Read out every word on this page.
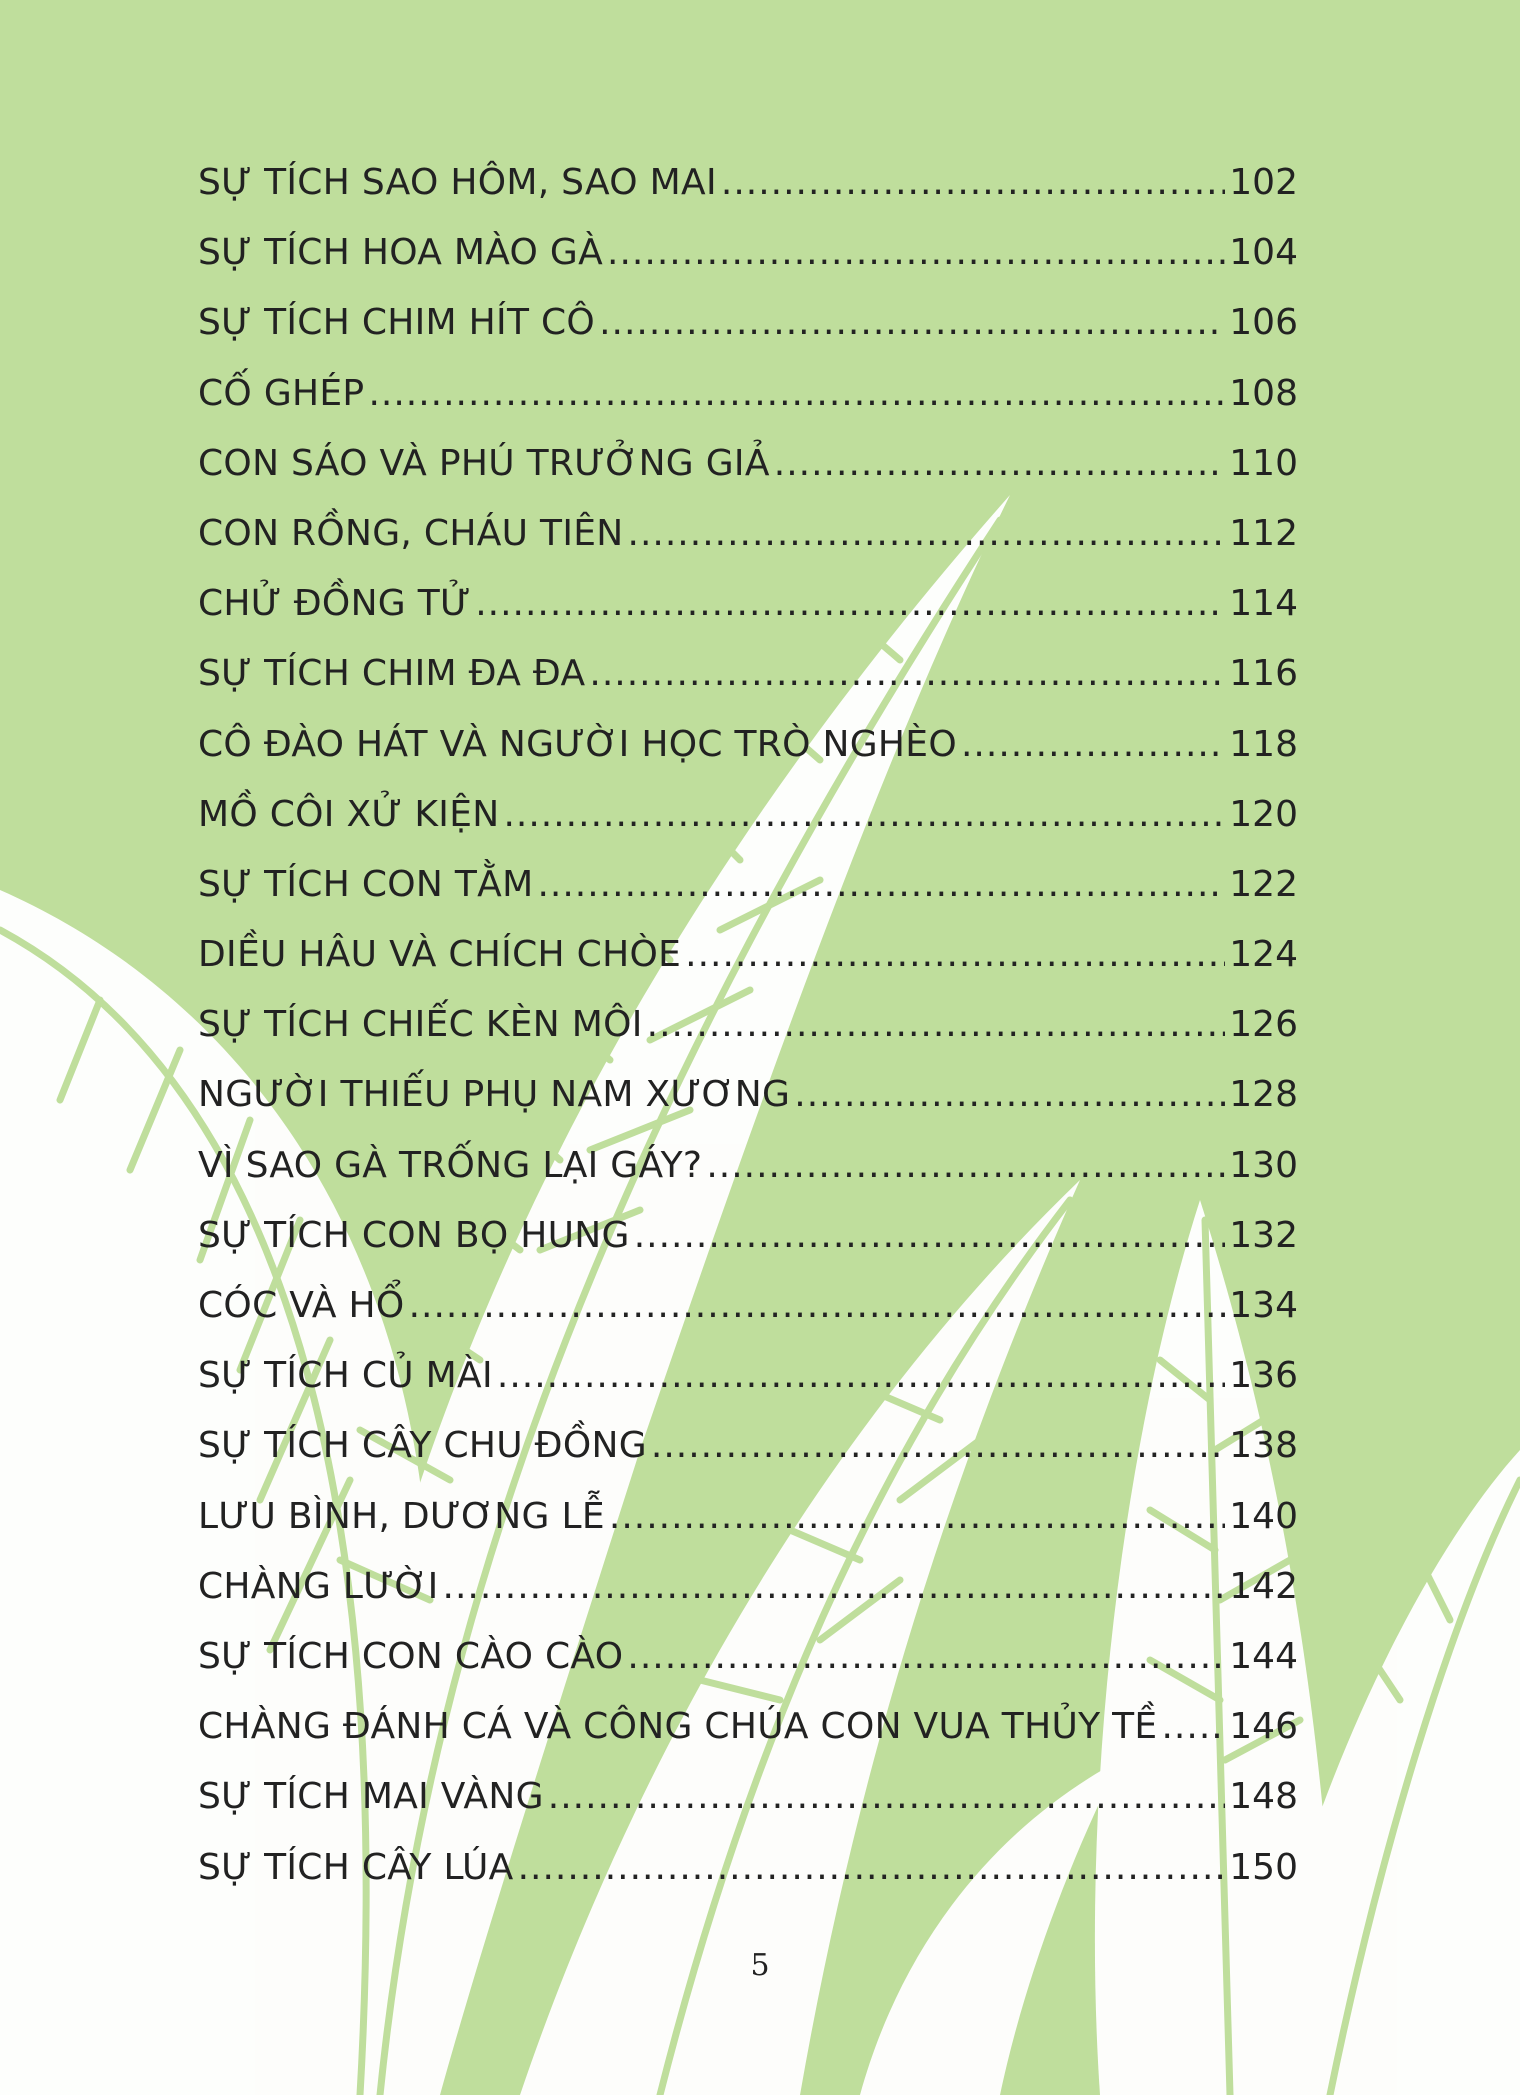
SỰ TÍCH SAO HÔM, SAO MAI .....	102
SỰ TÍCH HOA MÀO GÀ .....	104
SỰ TÍCH CHIM HÍT CÔ .....	106
CỐ GHÉP .....	108
CON SÁO VÀ PHÚ TRƯỞNG GIẢ .....	110
CON RỒNG, CHÁU TIÊN .....	112
CHỬ ĐỒNG TỬ .....	114
SỰ TÍCH CHIM ĐA ĐA .....	116
CÔ ĐÀO HÁT VÀ NGƯỜI HỌC TRÒ NGHÈO .....	118
MỒ CÔI XỬ KIỆN .....	120
SỰ TÍCH CON TẰM .....	122
DIỀU HÂU VÀ CHÍCH CHÒE .....	124
SỰ TÍCH CHIẾC KÈN MÔI .....	126
NGƯỜI THIẾU PHỤ NAM XƯƠNG .....	128
VÌ SAO GÀ TRỐNG LẠI GÁY? .....	130
SỰ TÍCH CON BỌ HUNG .....	132
CÓC VÀ HỔ .....	134
SỰ TÍCH CỦ MÀI .....	136
SỰ TÍCH CÂY CHU ĐỒNG .....	138
LƯU BÌNH, DƯƠNG LỄ .....	140
CHÀNG LƯỜI .....	142
SỰ TÍCH CON CÀO CÀO .....	144
CHÀNG ĐÁNH CÁ VÀ CÔNG CHÚA CON VUA THỦY TỀ ..... 146
SỰ TÍCH MAI VÀNG .....	148
SỰ TÍCH CÂY LÚA .....	150
5
